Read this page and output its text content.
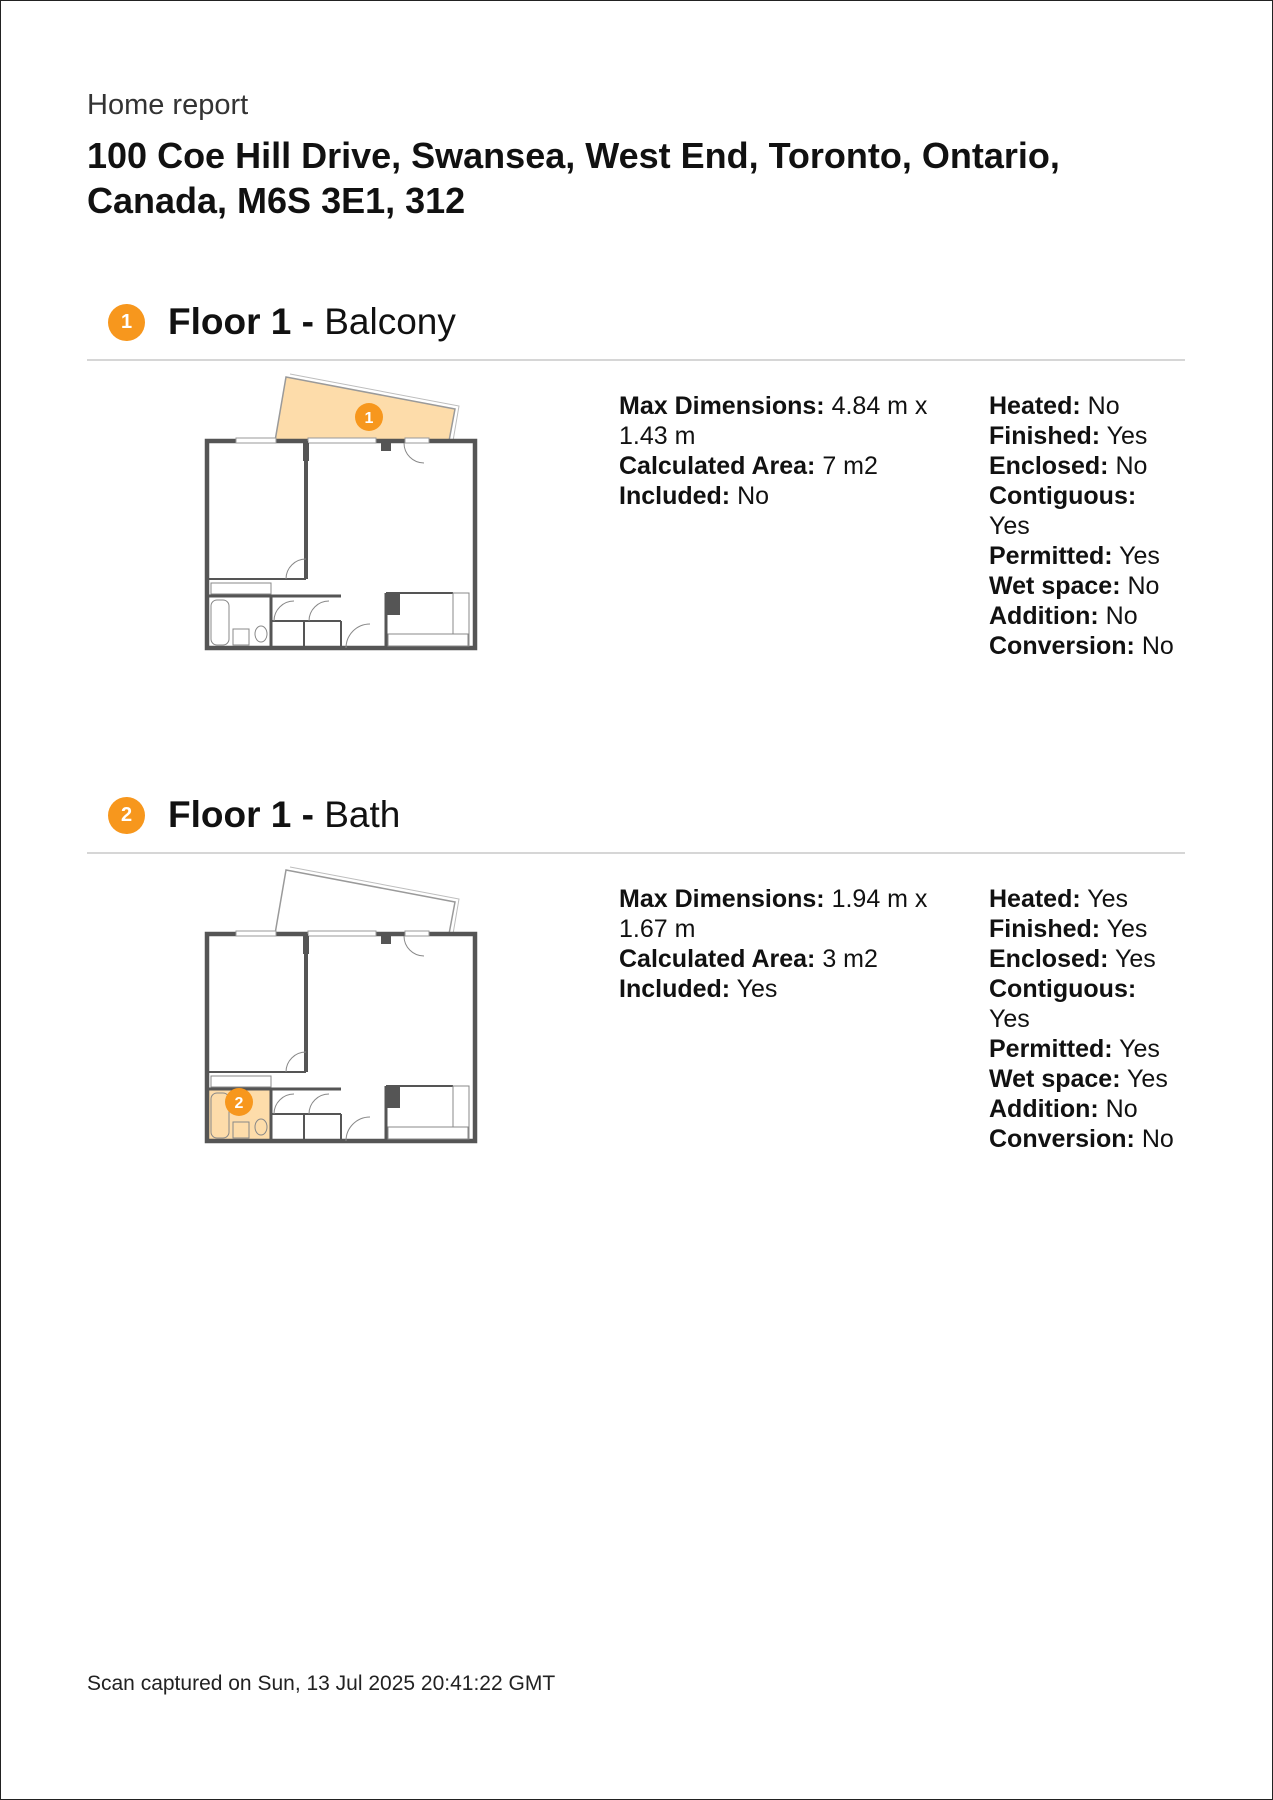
Home report
100 Coe Hill Drive, Swansea, West End, Toronto, Ontario, Canada, M6S 3E1, 312
1 Floor 1 - Balcony
1	Max Dimensions: 4.84 m x 1.43 m
Calculated Area: 7 m2
Included: No
Heated: No
Finished: Yes
Enclosed: No
Contiguous: Yes
Permitted: Yes
Wet space: No
Addition: No
Conversion: No
2 Floor 1 - Bath
2
Max Dimensions: 1.94 m x 1.67 m
Calculated Area: 3 m2
Included: Yes
Heated: Yes
Finished: Yes
Enclosed: Yes
Contiguous: Yes
Permitted: Yes
Wet space: Yes
Addition: No
Conversion: No
Scan captured on Sun, 13 Jul 2025 20:41:22 GMT
